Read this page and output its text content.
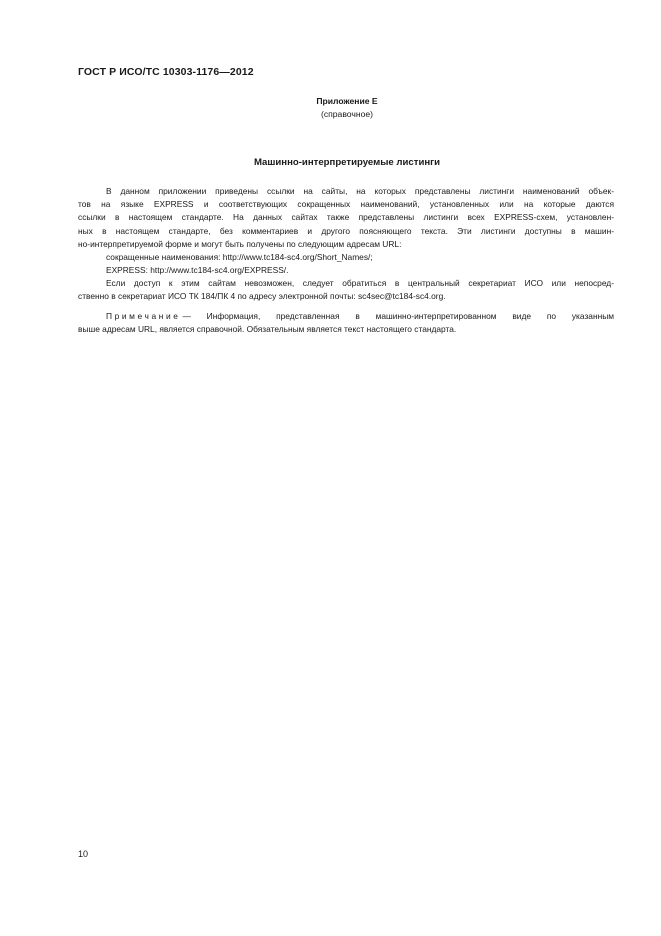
ГОСТ Р ИСО/ТС 10303-1176—2012
Приложение Е
(справочное)
Машинно-интерпретируемые листинги
В данном приложении приведены ссылки на сайты, на которых представлены листинги наименований объек-
тов на языке EXPRESS и соответствующих сокращенных наименований, установленных или на которые даются
ссылки в настоящем стандарте. На данных сайтах также представлены листинги всех EXPRESS-схем, установлен-
ных в настоящем стандарте, без комментариев и другого поясняющего текста. Эти листинги доступны в машин-
но-интерпретируемой форме и могут быть получены по следующим адресам URL:
сокращенные наименования: http://www.tc184-sc4.org/Short_Names/;
EXPRESS: http://www.tc184-sc4.org/EXPRESS/.
Если доступ к этим сайтам невозможен, следует обратиться в центральный секретариат ИСО или непосред-
ственно в секретариат ИСО ТК 184/ПК 4 по адресу электронной почты: sc4sec@tc184-sc4.org.
Примечание — Информация, представленная в машинно-интерпретированном виде по указанным
выше адресам URL, является справочной. Обязательным является текст настоящего стандарта.
10
